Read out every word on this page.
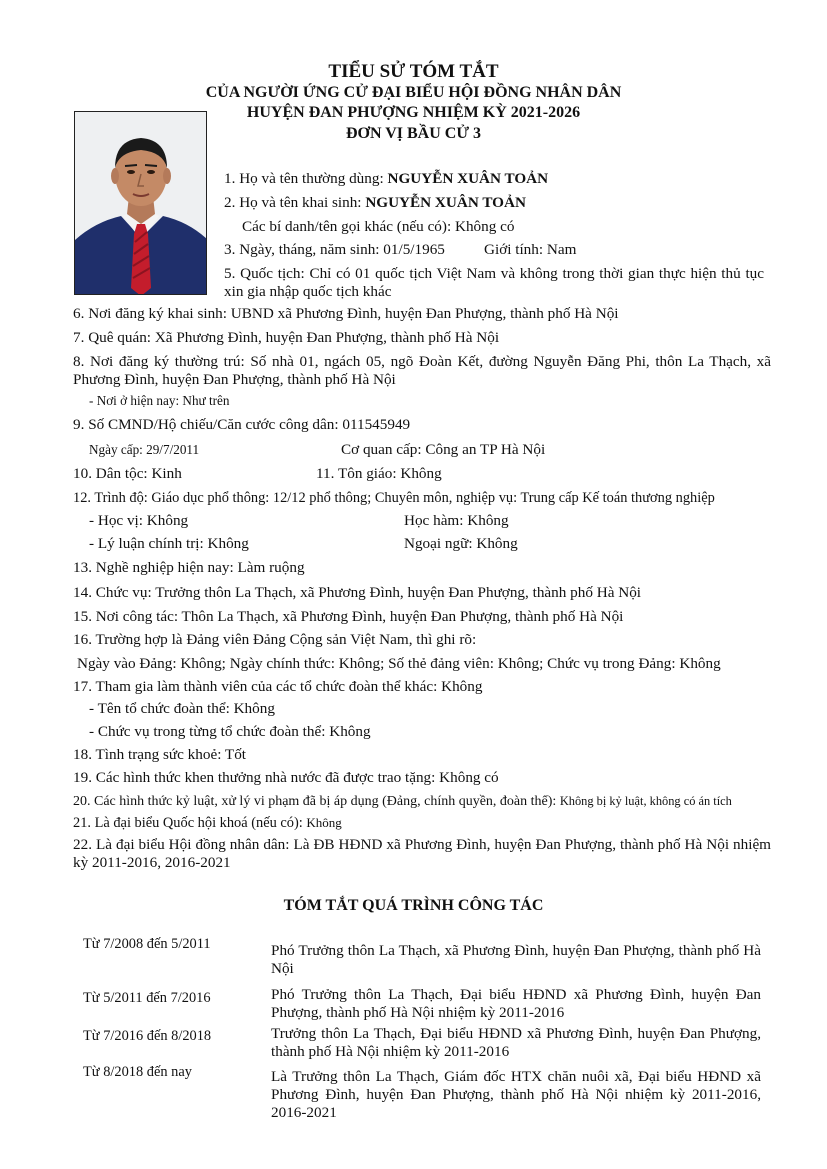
TIỂU SỬ TÓM TẮT
CỦA NGƯỜI ỨNG CỬ ĐẠI BIỂU HỘI ĐỒNG NHÂN DÂN
HUYỆN ĐAN PHƯỢNG NHIỆM KỲ 2021-2026
ĐƠN VỊ BẦU CỬ 3
1. Họ và tên thường dùng: NGUYỄN XUÂN TOẢN
2. Họ và tên khai sinh: NGUYỄN XUÂN TOẢN
Các bí danh/tên gọi khác (nếu có): Không có
3. Ngày, tháng, năm sinh: 01/5/1965	Giới tính: Nam
5. Quốc tịch: Chỉ có 01 quốc tịch Việt Nam và không trong thời gian thực hiện thủ tục xin gia nhập quốc tịch khác
6. Nơi đăng ký khai sinh: UBND xã Phương Đình, huyện Đan Phượng, thành phố Hà Nội
7. Quê quán: Xã Phương Đình, huyện Đan Phượng, thành phố Hà Nội
8. Nơi đăng ký thường trú: Số nhà 01, ngách 05, ngõ Đoàn Kết, đường Nguyễn Đăng Phi, thôn La Thạch, xã Phương Đình, huyện Đan Phượng, thành phố Hà Nội
- Nơi ở hiện nay: Như trên
9. Số CMND/Hộ chiếu/Căn cước công dân: 011545949
Ngày cấp: 29/7/2011	Cơ quan cấp: Công an TP Hà Nội
10. Dân tộc: Kinh	11. Tôn giáo: Không
12. Trình độ: Giáo dục phổ thông: 12/12 phổ thông; Chuyên môn, nghiệp vụ: Trung cấp Kế toán thương nghiệp
- Học vị: Không	Học hàm: Không
- Lý luận chính trị: Không	Ngoại ngữ: Không
13. Nghề nghiệp hiện nay: Làm ruộng
14. Chức vụ: Trưởng thôn La Thạch, xã Phương Đình, huyện Đan Phượng, thành phố Hà Nội
15. Nơi công tác: Thôn La Thạch, xã Phương Đình, huyện Đan Phượng, thành phố Hà Nội
16. Trường hợp là Đảng viên Đảng Cộng sản Việt Nam, thì ghi rõ:
Ngày vào Đảng: Không; Ngày chính thức: Không; Số thẻ đảng viên: Không; Chức vụ trong Đảng: Không
17. Tham gia làm thành viên của các tổ chức đoàn thể khác: Không
- Tên tổ chức đoàn thể: Không
- Chức vụ trong từng tổ chức đoàn thể: Không
18. Tình trạng sức khoẻ: Tốt
19. Các hình thức khen thưởng nhà nước đã được trao tặng: Không có
20. Các hình thức kỷ luật, xử lý vi phạm đã bị áp dụng (Đảng, chính quyền, đoàn thể): Không bị kỷ luật, không có án tích
21. Là đại biểu Quốc hội khoá (nếu có): Không
22. Là đại biểu Hội đồng nhân dân: Là ĐB HĐND xã Phương Đình, huyện Đan Phượng, thành phố Hà Nội nhiệm kỳ 2011-2016, 2016-2021
TÓM TẮT QUÁ TRÌNH CÔNG TÁC
Từ 7/2008 đến 5/2011	Phó Trưởng thôn La Thạch, xã Phương Đình, huyện Đan Phượng, thành phố Hà Nội
Từ 5/2011 đến 7/2016	Phó Trưởng thôn La Thạch, Đại biểu HĐND xã Phương Đình, huyện Đan Phượng, thành phố Hà Nội nhiệm kỳ 2011-2016
Từ 7/2016 đến 8/2018	Trưởng thôn La Thạch, Đại biểu HĐND xã Phương Đình, huyện Đan Phượng, thành phố Hà Nội nhiệm kỳ 2011-2016
Từ 8/2018 đến nay	Là Trưởng thôn La Thạch, Giám đốc HTX chăn nuôi xã, Đại biểu HĐND xã Phương Đình, huyện Đan Phượng, thành phố Hà Nội nhiệm kỳ 2011-2016, 2016-2021
